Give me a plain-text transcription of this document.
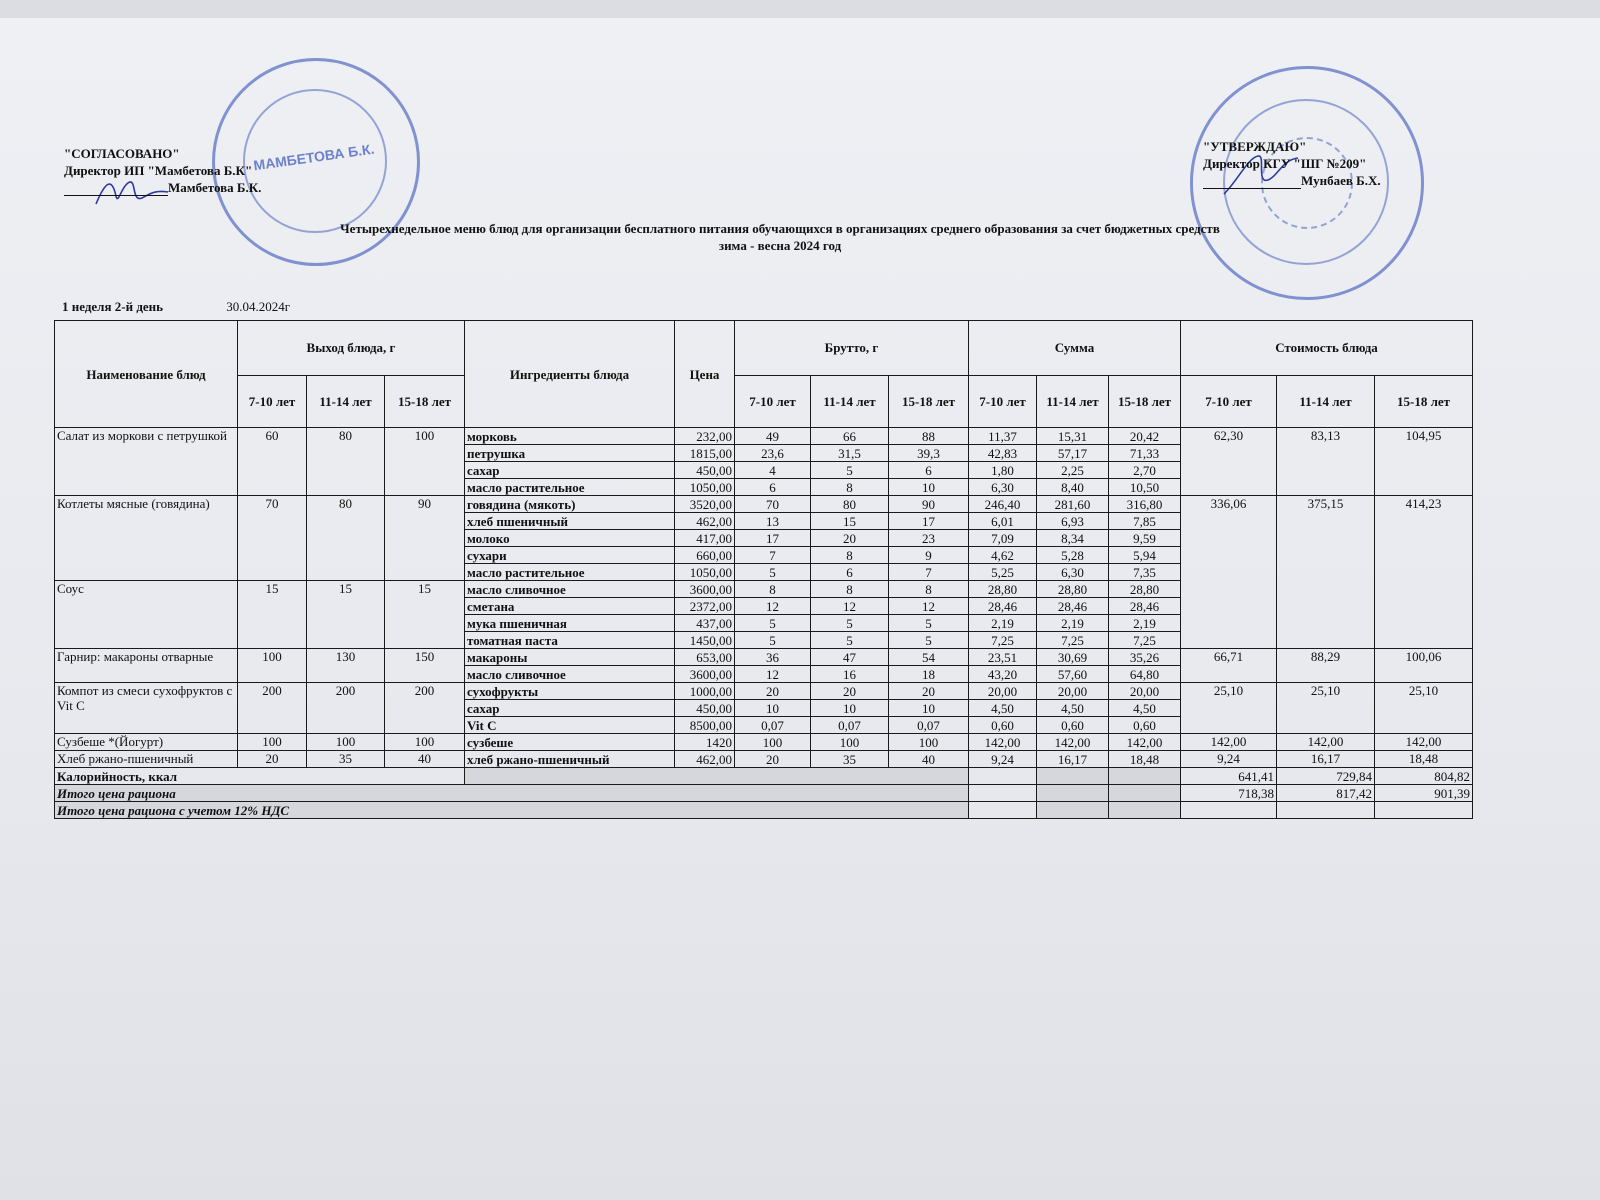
МАМБЕТОВА Б.К.
"СОГЛАСОВАНО"
Директор ИП "Мамбетова Б.К"
Мамбетова Б.К.
"УТВЕРЖДАЮ"
Директор КГУ "ШГ №209"
Мунбаев Б.Х.
Четырехнедельное меню блюд для организации бесплатного питания обучающихся в организациях среднего образования за счет бюджетных средств
зима - весна 2024 год
1 неделя 2-й день	30.04.2024г
Наименование блюд	Выход блюда, г			Ингредиенты блюда	Цена	Брутто, г			Сумма			Стоимость блюда		
	7-10 лет	11-14 лет	15-18 лет			7-10 лет	11-14 лет	15-18 лет	7-10 лет	11-14 лет	15-18 лет	7-10 лет	11-14 лет	15-18 лет
Салат из моркови с петрушкой	60	80	100	морковь	232,00	49	66	88	11,37	15,31	20,42	62,30	83,13	104,95
				петрушка	1815,00	23,6	31,5	39,3	42,83	57,17	71,33			
				сахар	450,00	4	5	6	1,80	2,25	2,70			
				масло растительное	1050,00	6	8	10	6,30	8,40	10,50			
Котлеты мясные (говядина)	70	80	90	говядина (мякоть)	3520,00	70	80	90	246,40	281,60	316,80	336,06	375,15	414,23
				хлеб пшеничный	462,00	13	15	17	6,01	6,93	7,85			
				молоко	417,00	17	20	23	7,09	8,34	9,59			
				сухари	660,00	7	8	9	4,62	5,28	5,94			
				масло растительное	1050,00	5	6	7	5,25	6,30	7,35			
Соус	15	15	15	масло сливочное	3600,00	8	8	8	28,80	28,80	28,80			
				сметана	2372,00	12	12	12	28,46	28,46	28,46			
				мука пшеничная	437,00	5	5	5	2,19	2,19	2,19			
				томатная паста	1450,00	5	5	5	7,25	7,25	7,25			
Гарнир: макароны отварные	100	130	150	макароны	653,00	36	47	54	23,51	30,69	35,26	66,71	88,29	100,06
				масло сливочное	3600,00	12	16	18	43,20	57,60	64,80			
Компот из смеси сухофруктов с Vit C	200	200	200	сухофрукты	1000,00	20	20	20	20,00	20,00	20,00	25,10	25,10	25,10
				сахар	450,00	10	10	10	4,50	4,50	4,50			
				Vit C	8500,00	0,07	0,07	0,07	0,60	0,60	0,60			
Сузбеше *(Йогурт)	100	100	100	сузбеше	1420	100	100	100	142,00	142,00	142,00	142,00	142,00	142,00
Хлеб ржано-пшеничный	20	35	40	хлеб ржано-пшеничный	462,00	20	35	40	9,24	16,17	18,48	9,24	16,17	18,48
Калорийность, ккал												641,41	729,84	804,82
Итого цена рациона												718,38	817,42	901,39
Итого цена рациона с учетом 12% НДС														
